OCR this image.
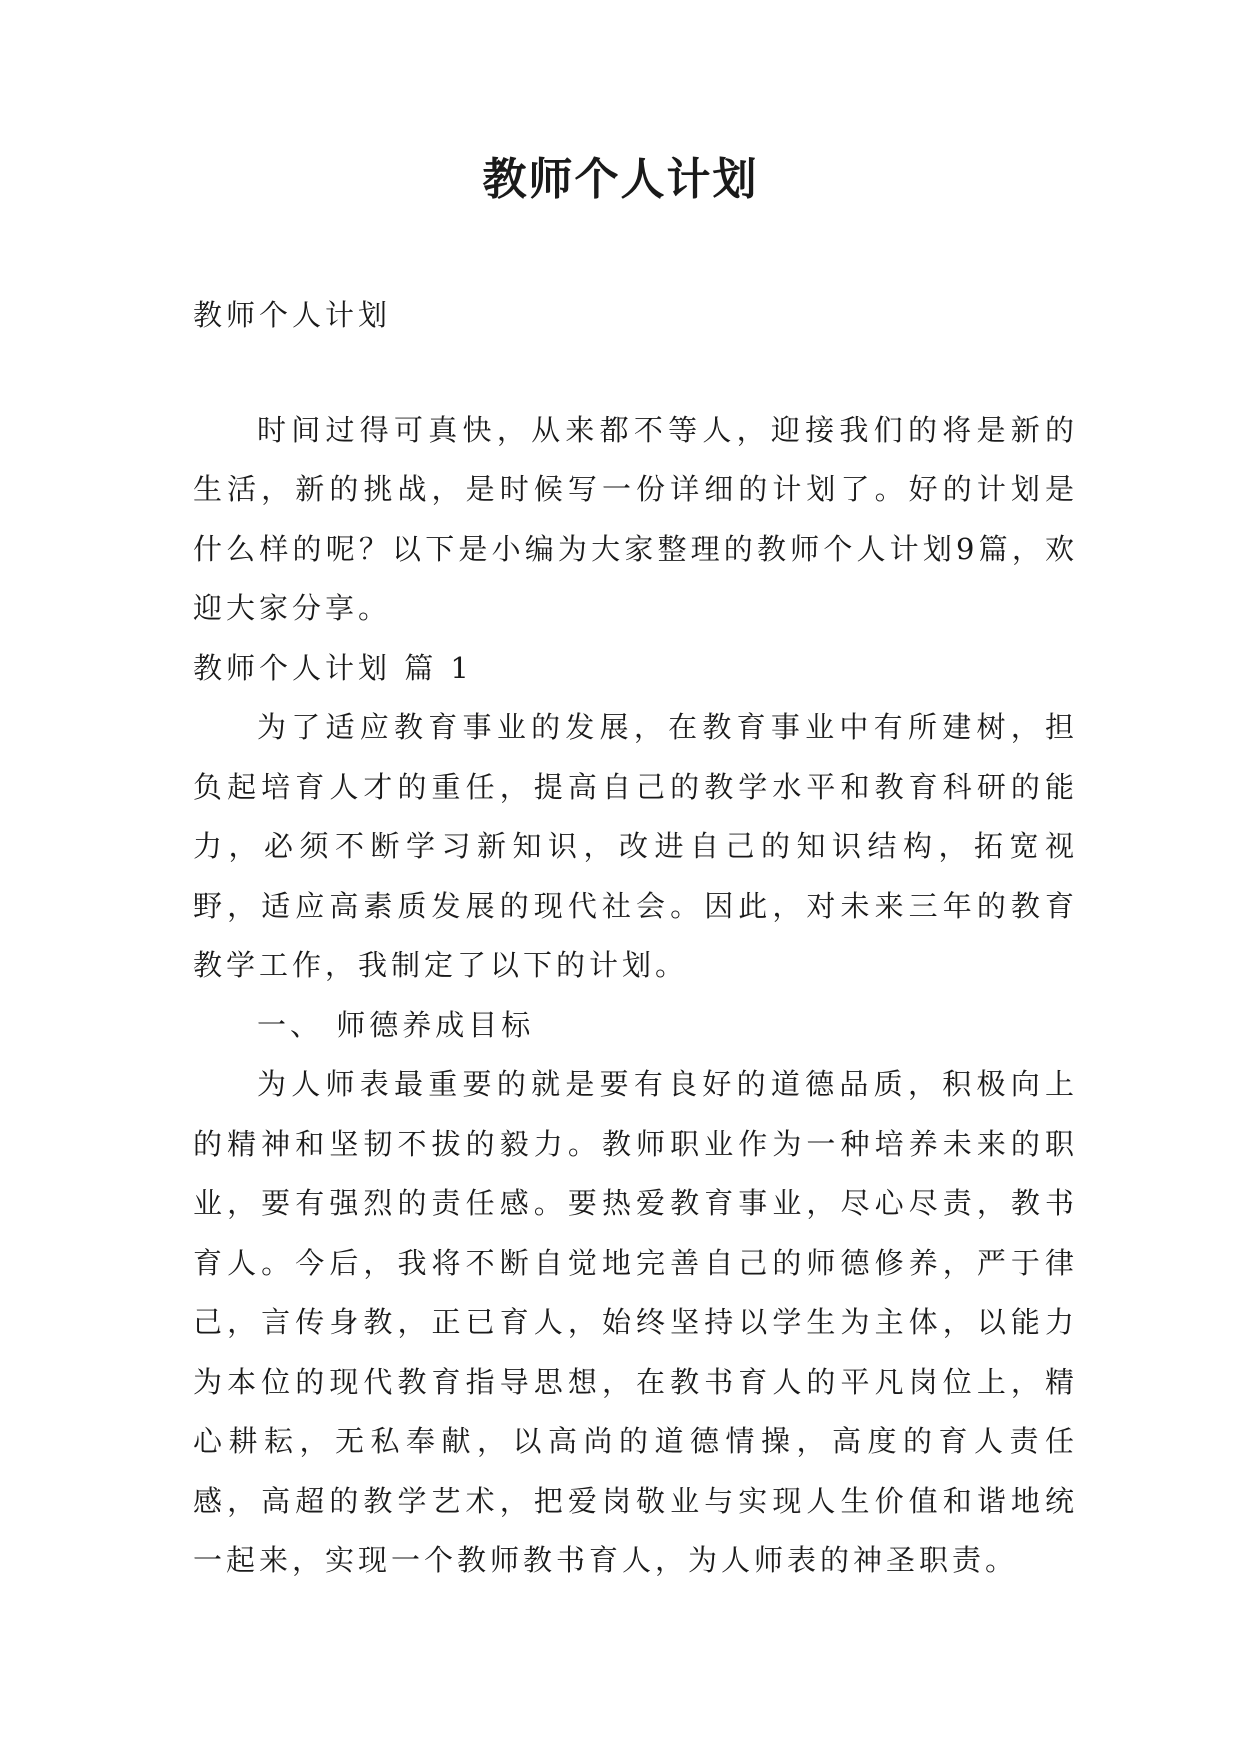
教师个人计划

教师个人计划

时间过得可真快，从来都不等人，迎接我们的将是新的生活，新的挑战，是时候写一份详细的计划了。好的计划是什么样的呢？以下是小编为大家整理的教师个人计划9篇，欢迎大家分享。

教师个人计划 篇 1

为了适应教育事业的发展，在教育事业中有所建树，担负起培育人才的重任，提高自己的教学水平和教育科研的能力，必须不断学习新知识，改进自己的知识结构，拓宽视野，适应高素质发展的现代社会。因此，对未来三年的教育教学工作，我制定了以下的计划。

一、 师德养成目标

为人师表最重要的就是要有良好的道德品质，积极向上的精神和坚韧不拔的毅力。教师职业作为一种培养未来的职业，要有强烈的责任感。要热爱教育事业，尽心尽责，教书育人。今后，我将不断自觉地完善自己的师德修养，严于律己，言传身教，正已育人，始终坚持以学生为主体，以能力为本位的现代教育指导思想，在教书育人的平凡岗位上，精心耕耘，无私奉献，以高尚的道德情操，高度的育人责任感，高超的教学艺术，把爱岗敬业与实现人生价值和谐地统一起来，实现一个教师教书育人，为人师表的神圣职责。
